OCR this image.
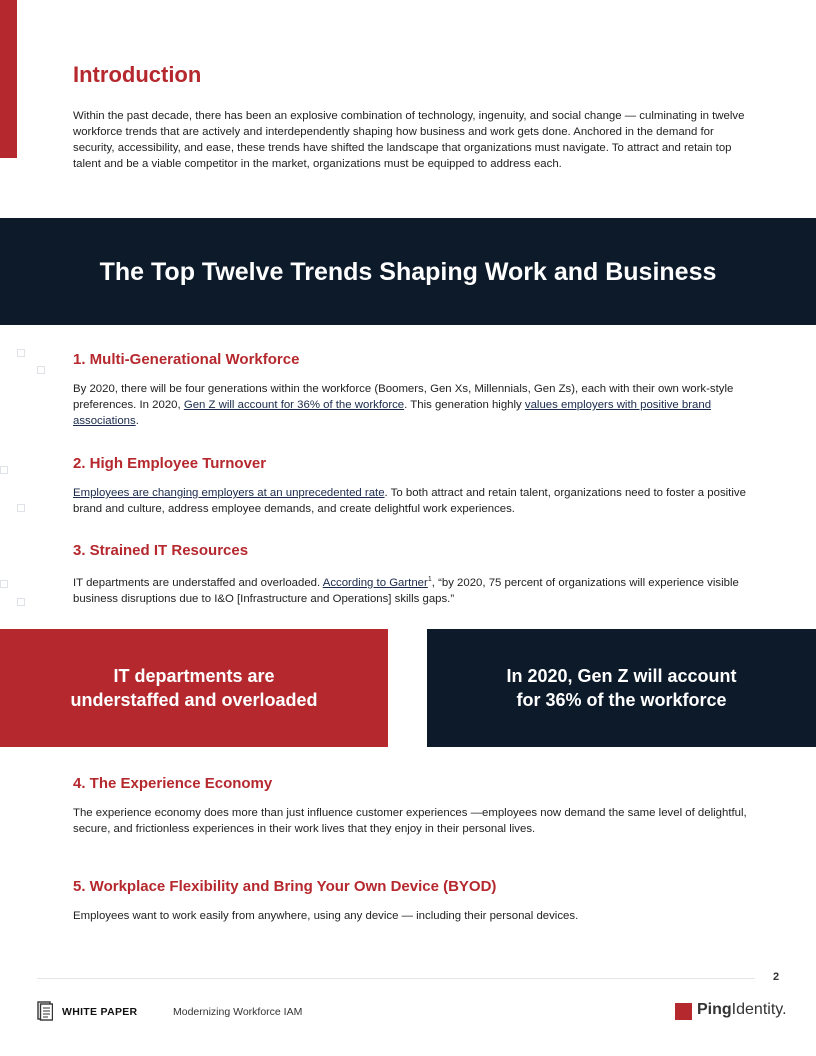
Introduction

Within the past decade, there has been an explosive combination of technology, ingenuity, and social change — culminating in twelve workforce trends that are actively and interdependently shaping how business and work gets done. Anchored in the demand for security, accessibility, and ease, these trends have shifted the landscape that organizations must navigate. To attract and retain top talent and be a viable competitor in the market, organizations must be equipped to address each.

The Top Twelve Trends Shaping Work and Business
1. Multi-Generational Workforce

By 2020, there will be four generations within the workforce (Boomers, Gen Xs, Millennials, Gen Zs), each with their own work-style preferences. In 2020, Gen Z will account for 36% of the workforce. This generation highly values employers with positive brand associations.

2. High Employee Turnover

Employees are changing employers at an unprecedented rate. To both attract and retain talent, organizations need to foster a positive brand and culture, address employee demands, and create delightful work experiences.

3. Strained IT Resources

IT departments are understaffed and overloaded. According to Gartner$^1$, “by 2020, 75 percent of organizations will experience visible business disruptions due to I&O [Infrastructure and Operations] skills gaps.”

IT departments are
understaffed and overloaded
In 2020, Gen Z will account
for 36% of the workforce
4. The Experience Economy

The experience economy does more than just influence customer experiences —employees now demand the same level of delightful, secure, and frictionless experiences in their work lives that they enjoy in their personal lives.

5. Workplace Flexibility and Bring Your Own Device (BYOD)

Employees want to work easily from anywhere, using any device — including their personal devices.

2
WHITE PAPER	Modernizing Workforce IAM	PingIdentity.
